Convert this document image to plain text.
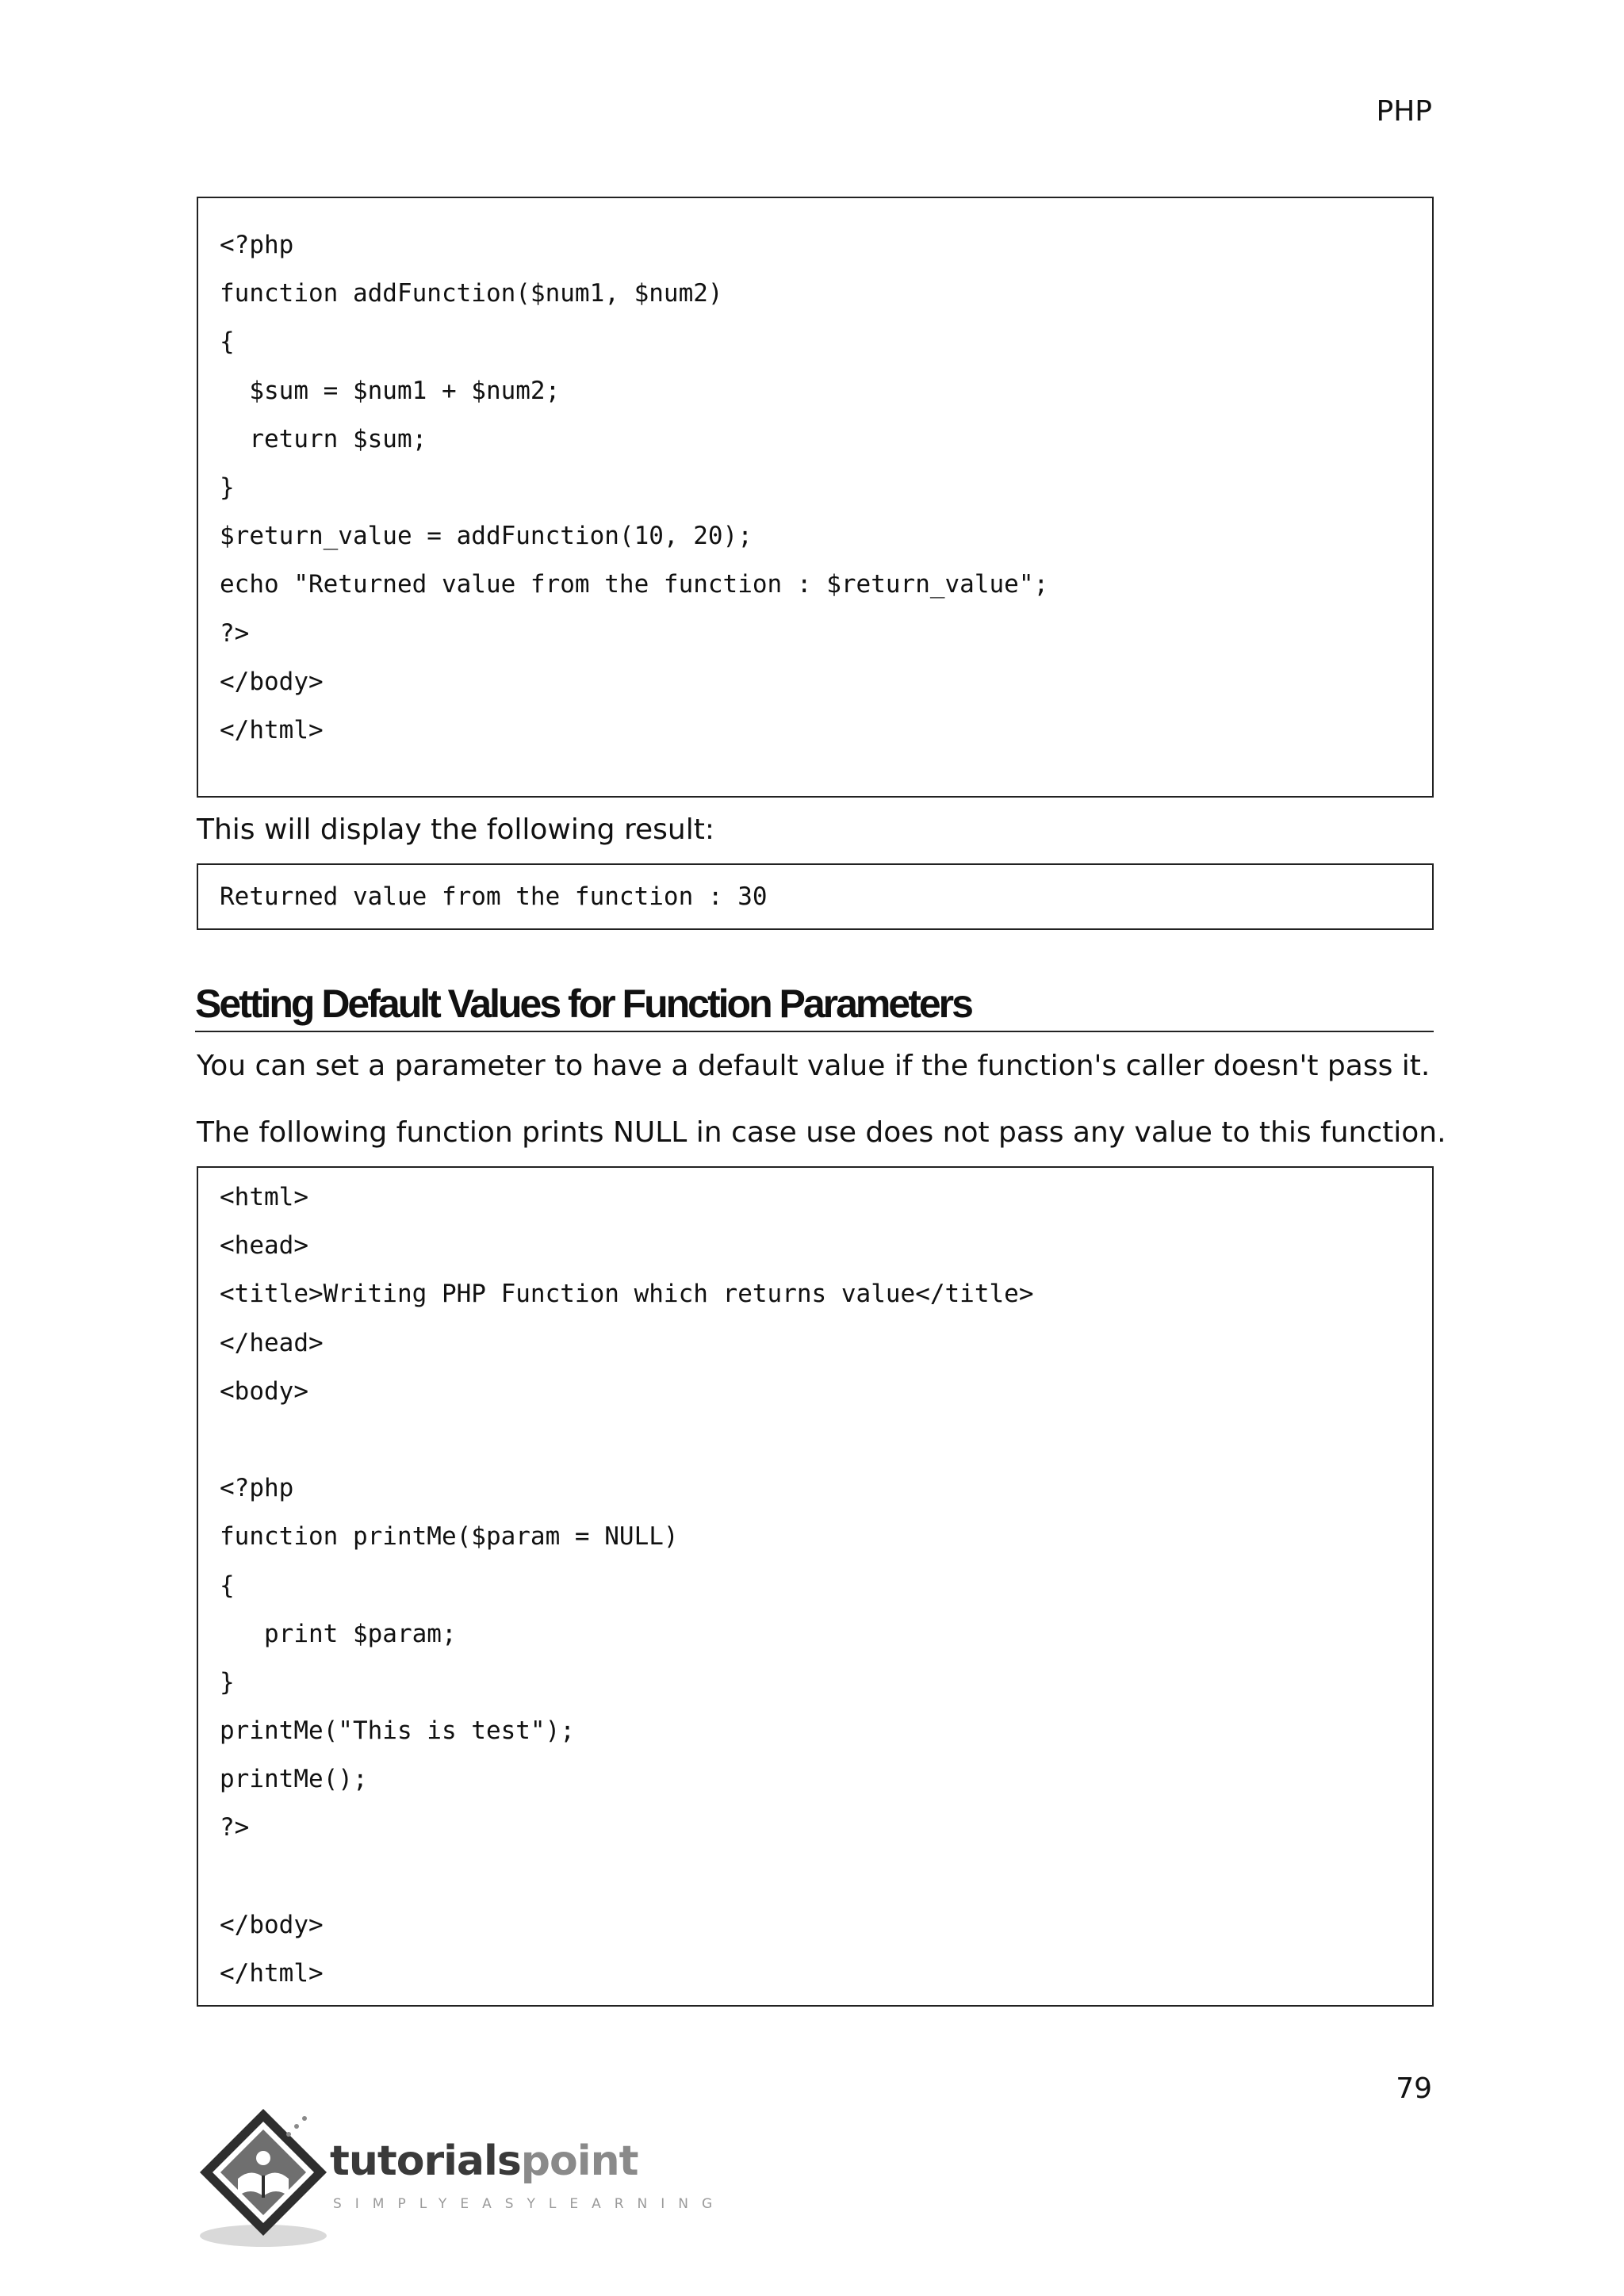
PHP
<?php
function addFunction($num1, $num2)
{
$sum = $num1 + $num2;
return $sum;
}
$return_value = addFunction(10, 20);
echo "Returned value from the function : $return_value";
?>
</body>
</html>
This will display the following result:
Returned value from the function : 30
Setting Default Values for Function Parameters
You can set a parameter to have a default value if the function's caller doesn't pass it.
The following function prints NULL in case use does not pass any value to this function.
<html>
<head>
<title>Writing PHP Function which returns value</title>
</head>
<body>
<?php
function printMe($param = NULL)
{
print $param;
}
printMe("This is test");
printMe();
?>
</body>
</html>
79
tutorialspoint
SIMPLYEASYLEARNING
